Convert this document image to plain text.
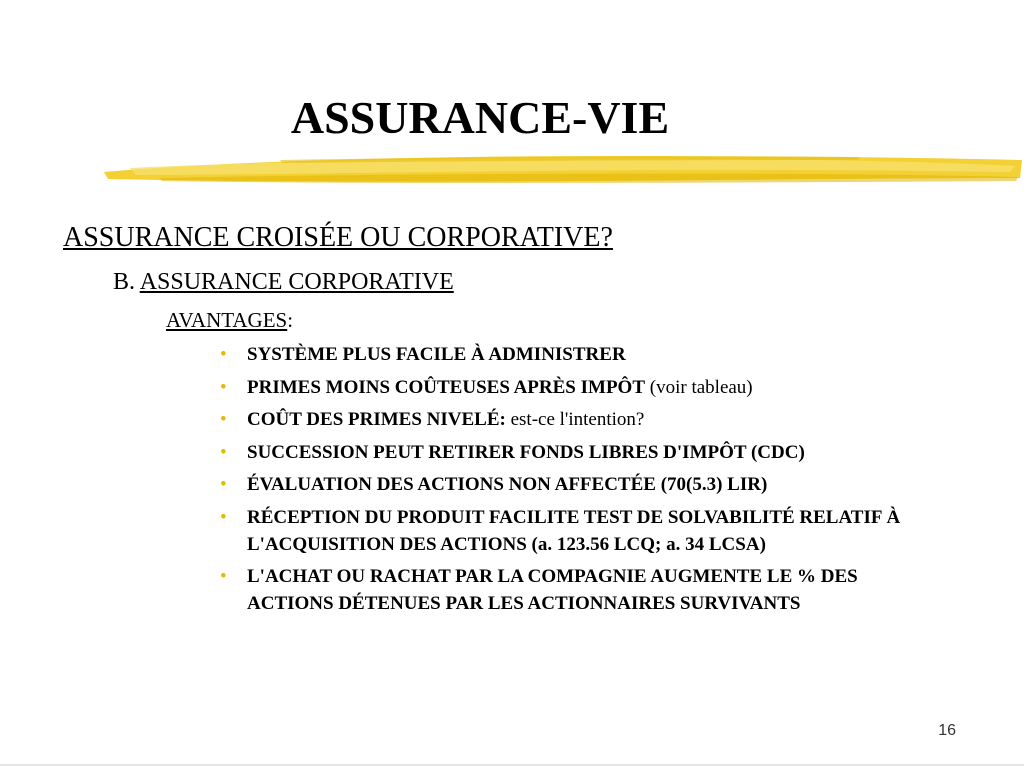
ASSURANCE-VIE
ASSURANCE CROISÉE OU CORPORATIVE?
B. ASSURANCE CORPORATIVE
AVANTAGES:
• SYSTÈME PLUS FACILE À ADMINISTRER
• PRIMES MOINS COÛTEUSES APRÈS IMPÔT (voir tableau)
• COÛT DES PRIMES NIVELÉ: est-ce l'intention?
• SUCCESSION PEUT RETIRER FONDS LIBRES D'IMPÔT (CDC)
• ÉVALUATION DES ACTIONS NON AFFECTÉE (70(5.3) LIR)
• RÉCEPTION DU PRODUIT FACILITE TEST DE SOLVABILITÉ RELATIF À L'ACQUISITION DES ACTIONS (a. 123.56 LCQ; a. 34 LCSA)
• L'ACHAT OU RACHAT PAR LA COMPAGNIE AUGMENTE LE % DES ACTIONS DÉTENUES PAR LES ACTIONNAIRES SURVIVANTS
16
